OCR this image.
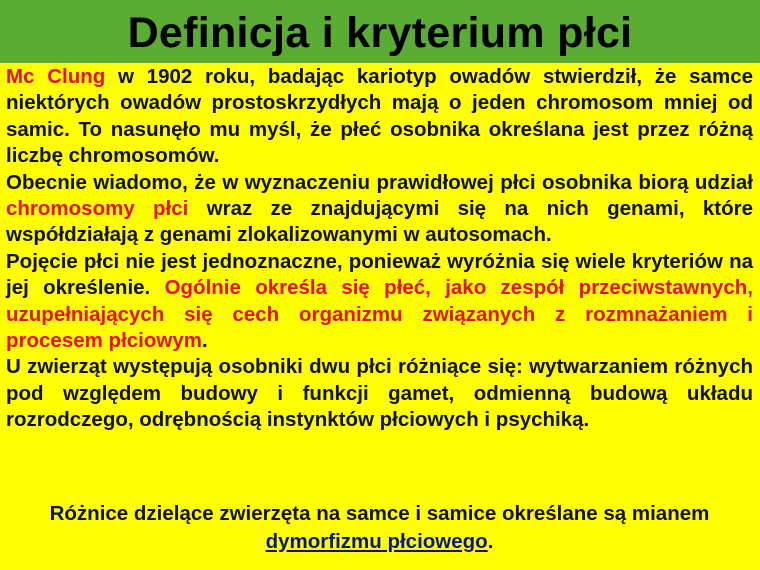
Definicja i kryterium płci

Mc Clung w 1902 roku, badając kariotyp owadów stwierdził, że samce niektórych owadów prostoskrzydłych mają o jeden chromosom mniej od samic. To nasunęło mu myśl, że płeć osobnika określana jest przez różną liczbę chromosomów.

Obecnie wiadomo, że w wyznaczeniu prawidłowej płci osobnika biorą udział chromosomy płci wraz ze znajdującymi się na nich genami, które współdziałają z genami zlokalizowanymi w autosomach.

Pojęcie płci nie jest jednoznaczne, ponieważ wyróżnia się wiele kryteriów na jej określenie. Ogólnie określa się płeć, jako zespół przeciwstawnych, uzupełniających się cech organizmu związanych z rozmnażaniem i procesem płciowym.

U zwierząt występują osobniki dwu płci różniące się: wytwarzaniem różnych pod względem budowy i funkcji gamet, odmienną budową układu rozrodczego, odrębnością instynktów płciowych i psychiką.

Różnice dzielące zwierzęta na samce i samice określane są mianem dymorfizmu płciowego.
